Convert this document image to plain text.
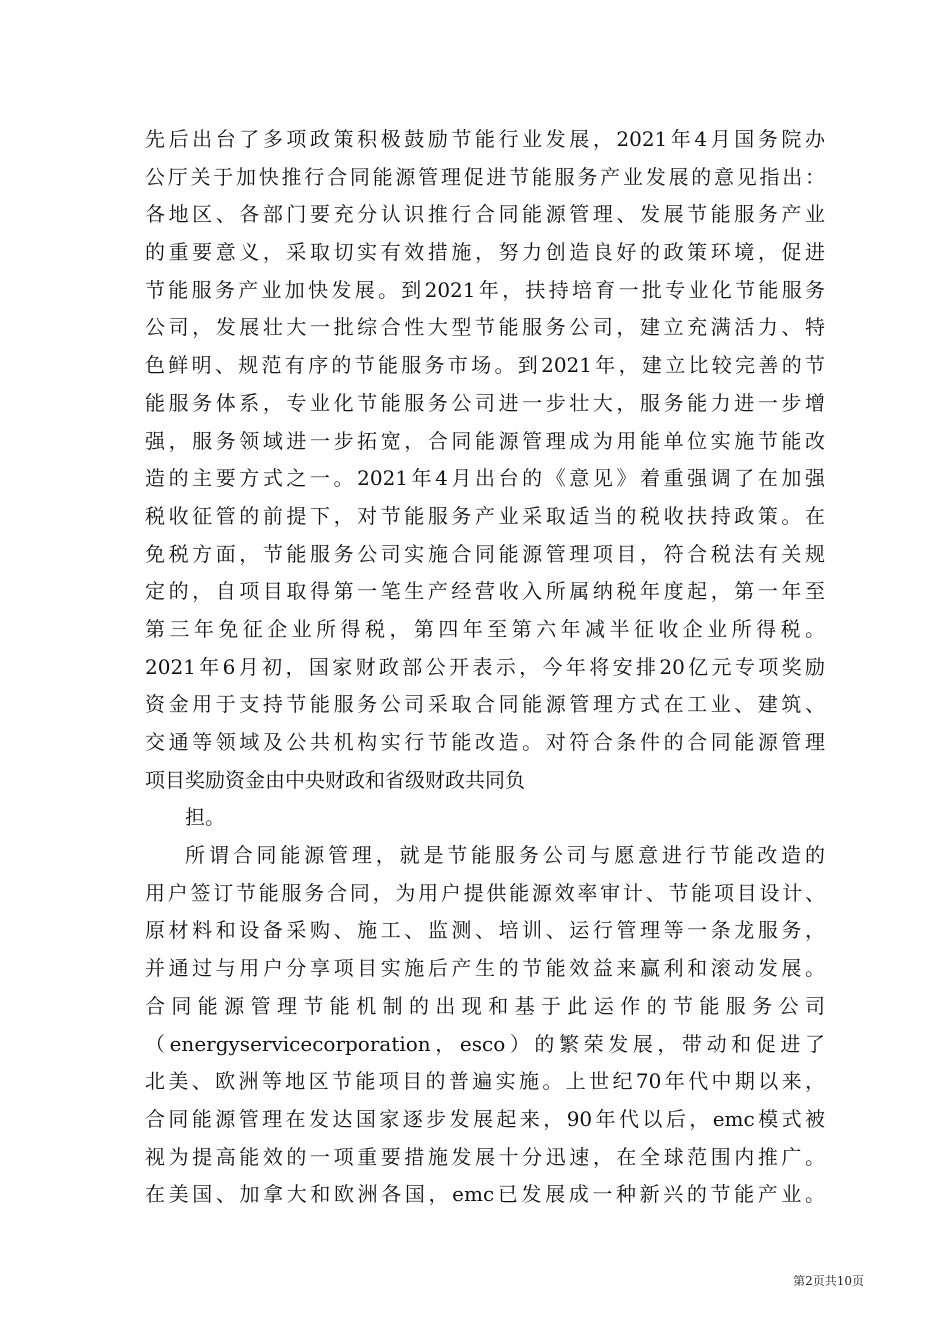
先后出台了多项政策积极鼓励节能行业发展，2021年4月国务院办
公厅关于加快推行合同能源管理促进节能服务产业发展的意见指出：
各地区、各部门要充分认识推行合同能源管理、发展节能服务产业
的重要意义，采取切实有效措施，努力创造良好的政策环境，促进
节能服务产业加快发展。到2021年，扶持培育一批专业化节能服务
公司，发展壮大一批综合性大型节能服务公司，建立充满活力、特
色鲜明、规范有序的节能服务市场。到2021年，建立比较完善的节
能服务体系，专业化节能服务公司进一步壮大，服务能力进一步增
强，服务领域进一步拓宽，合同能源管理成为用能单位实施节能改
造的主要方式之一。2021年4月出台的《意见》着重强调了在加强
税收征管的前提下，对节能服务产业采取适当的税收扶持政策。在
免税方面，节能服务公司实施合同能源管理项目，符合税法有关规
定的，自项目取得第一笔生产经营收入所属纳税年度起，第一年至
第三年免征企业所得税，第四年至第六年减半征收企业所得税。
2021年6月初，国家财政部公开表示，今年将安排20亿元专项奖励
资金用于支持节能服务公司采取合同能源管理方式在工业、建筑、
交通等领域及公共机构实行节能改造。对符合条件的合同能源管理
项目奖励资金由中央财政和省级财政共同负
担。
所谓合同能源管理，就是节能服务公司与愿意进行节能改造的
用户签订节能服务合同，为用户提供能源效率审计、节能项目设计、
原材料和设备采购、施工、监测、培训、运行管理等一条龙服务，
并通过与用户分享项目实施后产生的节能效益来赢利和滚动发展。
合同能源管理节能机制的出现和基于此运作的节能服务公司
（energyservicecorporation，esco）的繁荣发展，带动和促进了
北美、欧洲等地区节能项目的普遍实施。上世纪70年代中期以来，
合同能源管理在发达国家逐步发展起来，90年代以后，emc模式被
视为提高能效的一项重要措施发展十分迅速，在全球范围内推广。
在美国、加拿大和欧洲各国，emc已发展成一种新兴的节能产业。
第2页共10页
